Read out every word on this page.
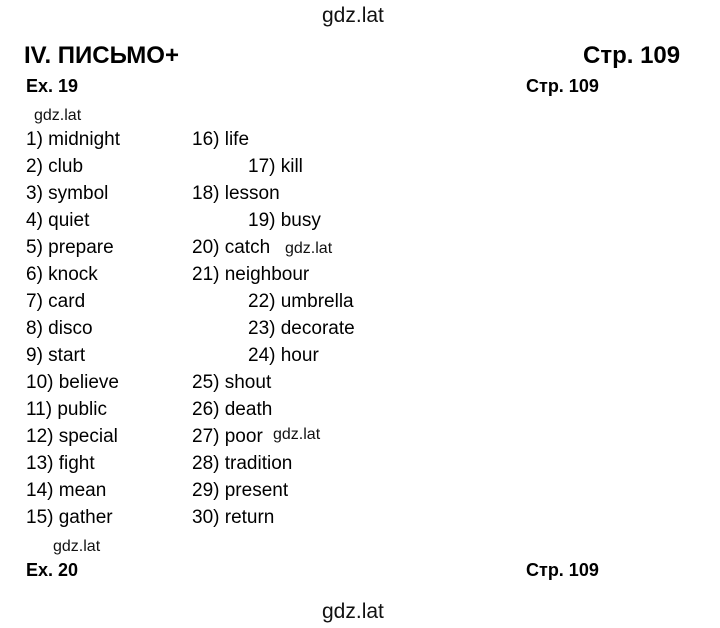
gdz.lat
IV. ПИСЬМО+	Стр. 109
Ex. 19	Стр. 109
gdz.lat
1) midnight
2) club
3) symbol
4) quiet
5) prepare
6) knock
7) card
8) disco
9) start
10) believe
11) public
12) special
13) fight
14) mean
15) gather
16) life
17) kill
18) lesson
19) busy
20) catch
21) neighbour
22) umbrella
23) decorate
24) hour
25) shout
26) death
27) poor
28) tradition
29) present
30) return
gdz.lat
gdz.lat
gdz.lat
Ex. 20	Стр. 109
gdz.lat
